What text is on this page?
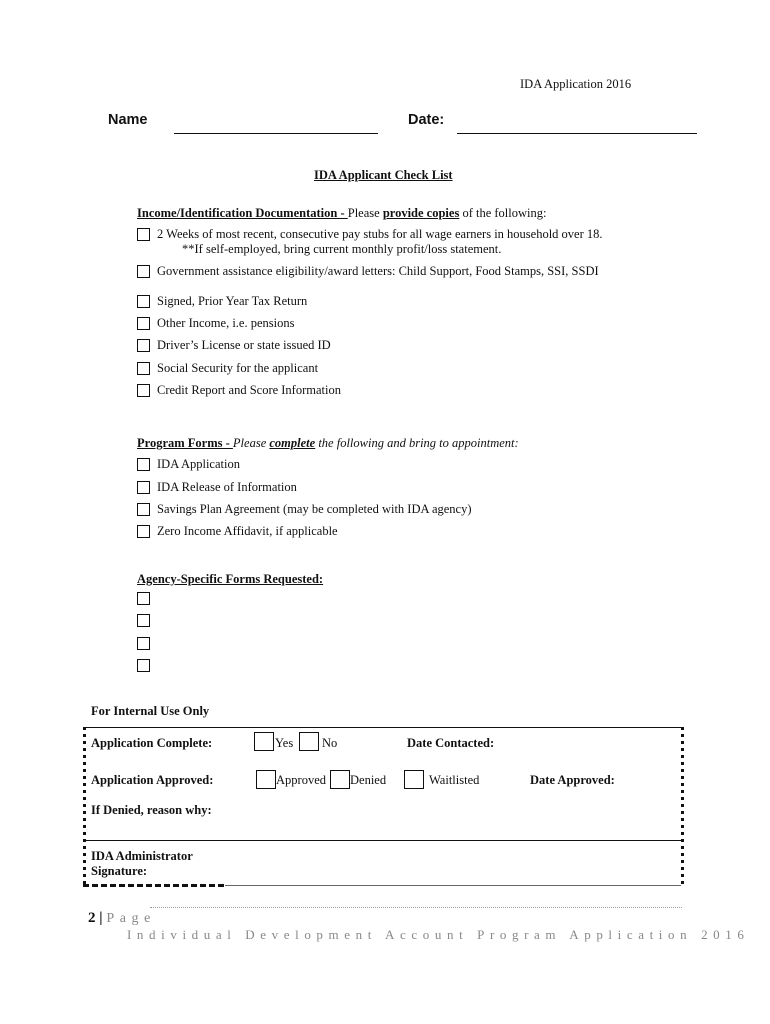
IDA Application 2016
Name	Date:
IDA Applicant Check List
Income/Identification Documentation - Please provide copies of the following:
2 Weeks of most recent, consecutive pay stubs for all wage earners in household over 18.
**If self-employed, bring current monthly profit/loss statement.
Government assistance eligibility/award letters: Child Support, Food Stamps, SSI, SSDI
Signed, Prior Year Tax Return
Other Income, i.e. pensions
Driver’s License or state issued ID
Social Security for the applicant
Credit Report and Score Information
Program Forms - Please complete the following and bring to appointment:
IDA Application
IDA Release of Information
Savings Plan Agreement (may be completed with IDA agency)
Zero Income Affidavit, if applicable
Agency-Specific Forms Requested:
For Internal Use Only
Application Complete:	Yes No	Date Contacted:
Application Approved:	Approved Denied	Waitlisted	Date Approved:
If Denied, reason why:
IDA Administrator
Signature:
2 | Page
Individual Development Account Program Application 2016
